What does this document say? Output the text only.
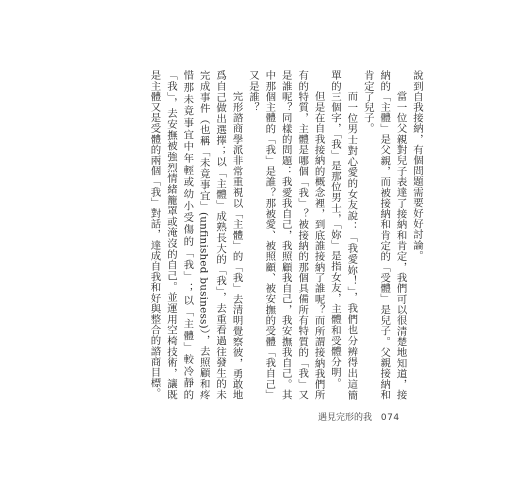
說到自我接納，有個問題需要好好討論。

當一位父親對兒子表達了接納和肯定，我們可以很清楚地知道，接納的「主體」是父親，而被接納和肯定的「受體」是兒子。父親接納和肯定了兒子。

而一位男士對心愛的女友說：「我愛妳！」，我們也分辨得出這簡單的三個字，「我」是那位男士，「妳」是指女友，主體和受體分明。

但是在自我接納的概念裡，到底誰接納了誰呢？而所謂接納我們所有的特質，主體是哪個「我」？被接納的那個具備所有特質的「我」又是誰呢？同樣的問題：我愛我自己，我照顧我自己，我安撫我自己。其中那個主體的「我」是誰？那被愛、被照顧、被安撫的受體「我自己」又是誰？

完形諮商學派非常重視以「主體」的「我」去清明覺察彼，勇敢地爲自己做出選擇；以「主體」成熟長大的「我」，去重看過往發生的未完成事件（也稱「未竟事宜」(unfinished business)），去照顧和疼惜那未竟事宜中年輕或幼小受傷的「我」；以「主體」較冷靜的「我」，去安撫被強烈情緒籠罩或淹沒的自己。並運用空椅技術，讓既是主體又是受體的兩個「我」對話，達成自我和好與整合的諮商目標。

遇見完形的我 074
